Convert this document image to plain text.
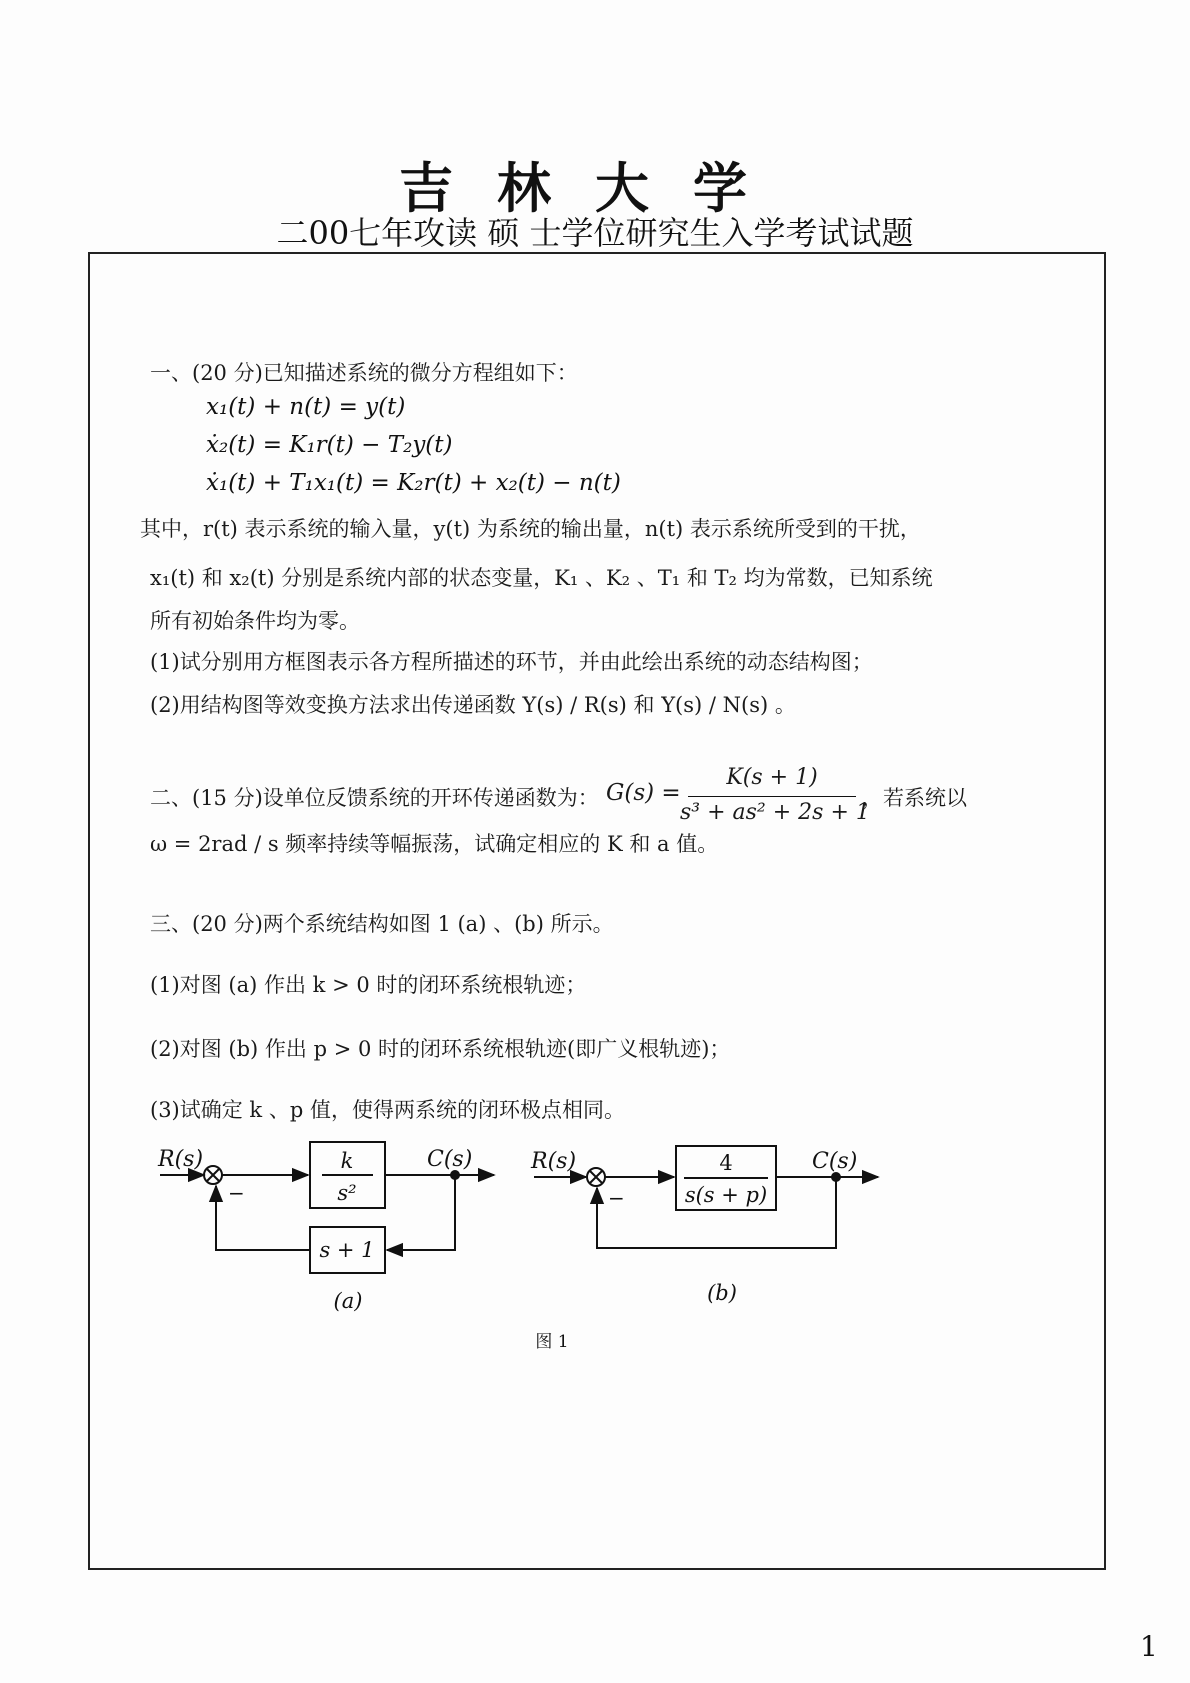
吉林大学
二00七年攻读 硕 士学位研究生入学考试试题
一、(20 分)已知描述系统的微分方程组如下：
x₁(t) + n(t) = y(t)
ẋ₂(t) = K₁r(t) − T₂y(t)
ẋ₁(t) + T₁x₁(t) = K₂r(t) + x₂(t) − n(t)
其中，r(t) 表示系统的输入量，y(t) 为系统的输出量，n(t) 表示系统所受到的干扰，
x₁(t) 和 x₂(t) 分别是系统内部的状态变量，K₁ 、K₂ 、T₁ 和 T₂ 均为常数，已知系统
所有初始条件均为零。
(1)试分别用方框图表示各方程所描述的环节，并由此绘出系统的动态结构图；
(2)用结构图等效变换方法求出传递函数 Y(s) / R(s) 和 Y(s) / N(s) 。
二、(15 分)设单位反馈系统的开环传递函数为： G(s) =
K(s + 1)
s³ + as² + 2s + 1
，若系统以
ω = 2rad / s 频率持续等幅振荡，试确定相应的 K 和 a 值。
三、(20 分)两个系统结构如图 1 (a) 、(b) 所示。
(1)对图 (a) 作出 k > 0 时的闭环系统根轨迹；
(2)对图 (b) 作出 p > 0 时的闭环系统根轨迹(即广义根轨迹)；
(3)试确定 k 、p 值，使得两系统的闭环极点相同。
R(s)	C(s)
−
k
s²
s + 1
(a)
R(s)	C(s)
−
4
s(s + p)
(b)
图 1
1
